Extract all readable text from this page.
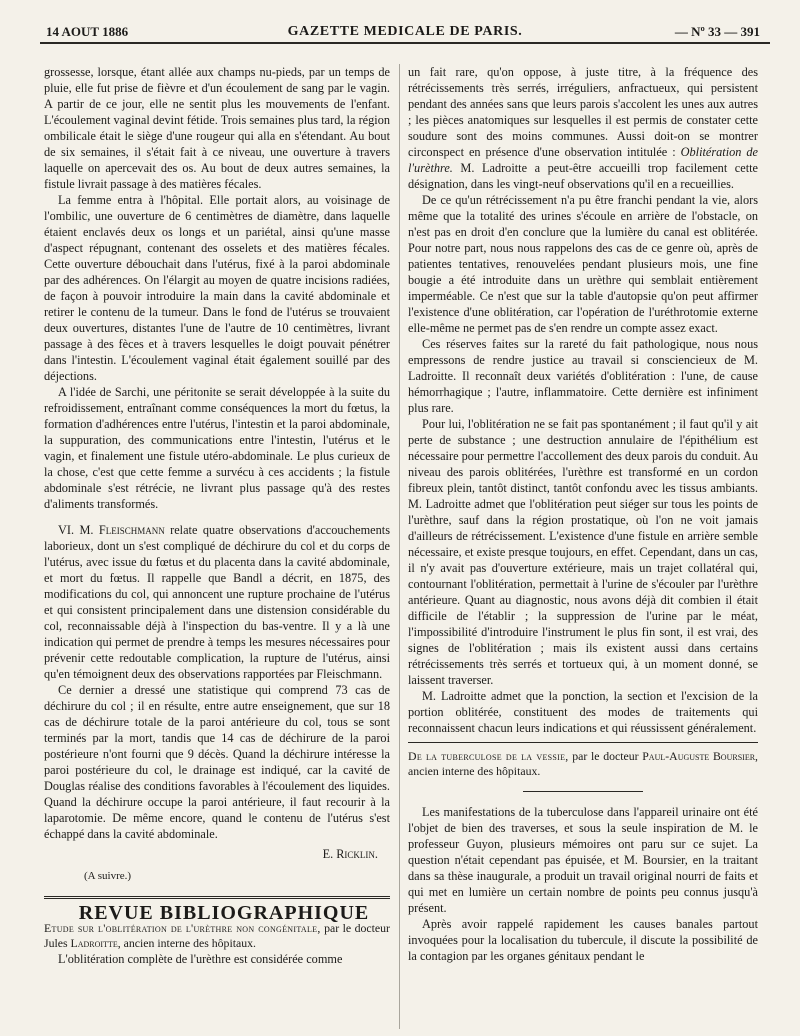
14 AOUT 1886	GAZETTE MEDICALE DE PARIS.	— Nº 33 — 391

grossesse, lorsque, étant allée aux champs nu-pieds, par un temps de pluie, elle fut prise de fièvre et d'un écoulement de sang par le vagin. A partir de ce jour, elle ne sentit plus les mouvements de l'enfant. L'écoulement vaginal devint fétide. Trois semaines plus tard, la région ombilicale était le siège d'une rougeur qui alla en s'étendant. Au bout de six semaines, il s'était fait à ce niveau, une ouverture à travers laquelle on apercevait des os. Au bout de deux autres semaines, la fistule livrait passage à des matières fécales.

La femme entra à l'hôpital. Elle portait alors, au voisinage de l'ombilic, une ouverture de 6 centimètres de diamètre, dans laquelle étaient enclavés deux os longs et un pariétal, ainsi qu'une masse d'aspect répugnant, contenant des osselets et des matières fécales. Cette ouverture débouchait dans l'utérus, fixé à la paroi abdominale par des adhérences. On l'élargit au moyen de quatre incisions radiées, de façon à pouvoir introduire la main dans la cavité abdominale et retirer le contenu de la tumeur. Dans le fond de l'utérus se trouvaient deux ouvertures, distantes l'une de l'autre de 10 centimètres, livrant passage à des fèces et à travers lesquelles le doigt pouvait pénétrer dans l'intestin. L'écoulement vaginal était également souillé par des déjections.

A l'idée de Sarchi, une péritonite se serait développée à la suite du refroidissement, entraînant comme conséquences la mort du fœtus, la formation d'adhérences entre l'utérus, l'intestin et la paroi abdominale, la suppuration, des communications entre l'intestin, l'utérus et le vagin, et finalement une fistule utéro-abdominale. Le plus curieux de la chose, c'est que cette femme a survécu à ces accidents ; la fistule abdominale s'est rétrécie, ne livrant plus passage qu'à des restes d'aliments transformés.

VI. M. Fleischmann relate quatre observations d'accouchements laborieux, dont un s'est compliqué de déchirure du col et du corps de l'utérus, avec issue du fœtus et du placenta dans la cavité abdominale, et mort du fœtus. Il rappelle que Bandl a décrit, en 1875, des modifications du col, qui annoncent une rupture prochaine de l'utérus et qui consistent principalement dans une distension considérable du col, reconnaissable déjà à l'inspection du bas-ventre. Il y a là une indication qui permet de prendre à temps les mesures nécessaires pour prévenir cette redoutable complication, la rupture de l'utérus, ainsi qu'en témoignent deux des observations rapportées par Fleischmann.

Ce dernier a dressé une statistique qui comprend 73 cas de déchirure du col ; il en résulte, entre autre enseignement, que sur 18 cas de déchirure totale de la paroi antérieure du col, tous se sont terminés par la mort, tandis que 14 cas de déchirure de la paroi postérieure n'ont fourni que 9 décès. Quand la déchirure intéresse la paroi postérieure du col, le drainage est indiqué, car la cavité de Douglas réalise des conditions favorables à l'écoulement des liquides. Quand la déchirure occupe la paroi antérieure, il faut recourir à la laparotomie. De même encore, quand le contenu de l'utérus s'est échappé dans la cavité abdominale.

E. Ricklin.

(A suivre.)

REVUE BIBLIOGRAPHIQUE

Etude sur l'oblitération de l'urèthre non congénitale, par le docteur Jules Ladroitte, ancien interne des hôpitaux.

L'oblitération complète de l'urèthre est considérée comme

un fait rare, qu'on oppose, à juste titre, à la fréquence des rétrécissements très serrés, irréguliers, anfractueux, qui persistent pendant des années sans que leurs parois s'accolent les unes aux autres ; les pièces anatomiques sur lesquelles il est permis de constater cette soudure sont des moins communes. Aussi doit-on se montrer circonspect en présence d'une observation intitulée : Oblitération de l'urèthre. M. Ladroitte a peut-être accueilli trop facilement cette désignation, dans les vingt-neuf observations qu'il en a recueillies.

De ce qu'un rétrécissement n'a pu être franchi pendant la vie, alors même que la totalité des urines s'écoule en arrière de l'obstacle, on n'est pas en droit d'en conclure que la lumière du canal est oblitérée. Pour notre part, nous nous rappelons des cas de ce genre où, après de patientes tentatives, renouvelées pendant plusieurs mois, une fine bougie a été introduite dans un urèthre qui semblait entièrement imperméable. Ce n'est que sur la table d'autopsie qu'on peut affirmer l'existence d'une oblitération, car l'opération de l'uréthrotomie externe elle-même ne permet pas de s'en rendre un compte assez exact.

Ces réserves faites sur la rareté du fait pathologique, nous nous empressons de rendre justice au travail si consciencieux de M. Ladroitte. Il reconnaît deux variétés d'oblitération : l'une, de cause hémorrhagique ; l'autre, inflammatoire. Cette dernière est infiniment plus rare.

Pour lui, l'oblitération ne se fait pas spontanément ; il faut qu'il y ait perte de substance ; une destruction annulaire de l'épithélium est nécessaire pour permettre l'accollement des deux parois du conduit. Au niveau des parois oblitérées, l'urèthre est transformé en un cordon fibreux plein, tantôt distinct, tantôt confondu avec les tissus ambiants. M. Ladroitte admet que l'oblitération peut siéger sur tous les points de l'urèthre, sauf dans la région prostatique, où l'on ne voit jamais d'ailleurs de rétrécissement. L'existence d'une fistule en arrière semble nécessaire, et existe presque toujours, en effet. Cependant, dans un cas, il n'y avait pas d'ouverture extérieure, mais un trajet collatéral qui, contournant l'oblitération, permettait à l'urine de s'écouler par l'urèthre antérieure. Quant au diagnostic, nous avons déjà dit combien il était difficile de l'établir ; la suppression de l'urine par le méat, l'impossibilité d'introduire l'instrument le plus fin sont, il est vrai, des signes de l'oblitération ; mais ils existent aussi dans certains rétrécissements très serrés et tortueux qui, à un moment donné, se laissent traverser.

M. Ladroitte admet que la ponction, la section et l'excision de la portion oblitérée, constituent des modes de traitements qui reconnaissent chacun leurs indications et qui réussissent généralement.

De la tuberculose de la vessie, par le docteur Paul-Auguste Boursier, ancien interne des hôpitaux.

Les manifestations de la tuberculose dans l'appareil urinaire ont été l'objet de bien des traverses, et sous la seule inspiration de M. le professeur Guyon, plusieurs mémoires ont paru sur ce sujet. La question n'était cependant pas épuisée, et M. Boursier, en la traitant dans sa thèse inaugurale, a produit un travail original nourri de faits et qui met en lumière un certain nombre de points peu connus jusqu'à présent.

Après avoir rappelé rapidement les causes banales partout invoquées pour la localisation du tubercule, il discute la possibilité de la contagion par les organes génitaux pendant le
